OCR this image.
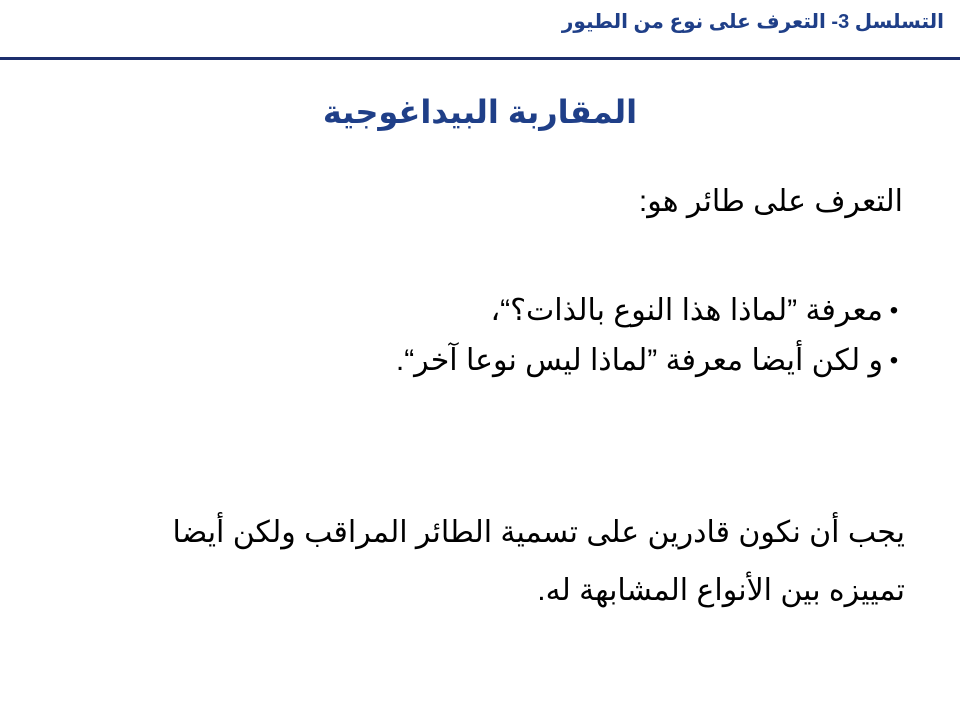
التسلسل 3- التعرف على نوع من الطيور
المقاربة البيداغوجية
التعرف على طائر هو:
•معرفة ”لماذا هذا النوع بالذات؟“،
•و لكن أيضا معرفة ”لماذا ليس نوعا آخر“.

يجب أن نكون قادرين على تسمية الطائر المراقب ولكن أيضا
تمييزه بين الأنواع المشابهة له.
